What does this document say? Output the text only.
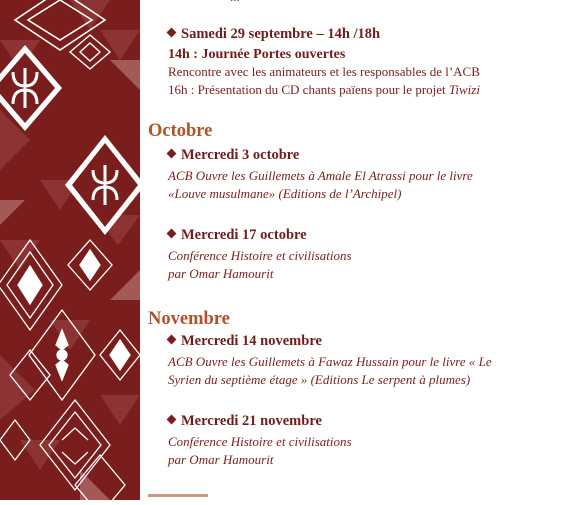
Samedi 29 septembre – 14h /18h
14h : Journée Portes ouvertes
Rencontre avec les animateurs et les responsables de l’ACB
16h : Présentation du CD chants païens pour le projet Tiwizi
Octobre
Mercredi 3 octobre
ACB Ouvre les Guillemets à Amale El Atrassi pour le livre
«Louve musulmane» (Editions de l’Archipel)
Mercredi 17 octobre
Conférence Histoire et civilisations
par Omar Hamourit
Novembre
Mercredi 14 novembre
ACB Ouvre les Guillemets à Fawaz Hussain pour le livre « Le
Syrien du septième étage » (Editions Le serpent à plumes)
Mercredi 21 novembre
Conférence Histoire et civilisations
par Omar Hamourit
